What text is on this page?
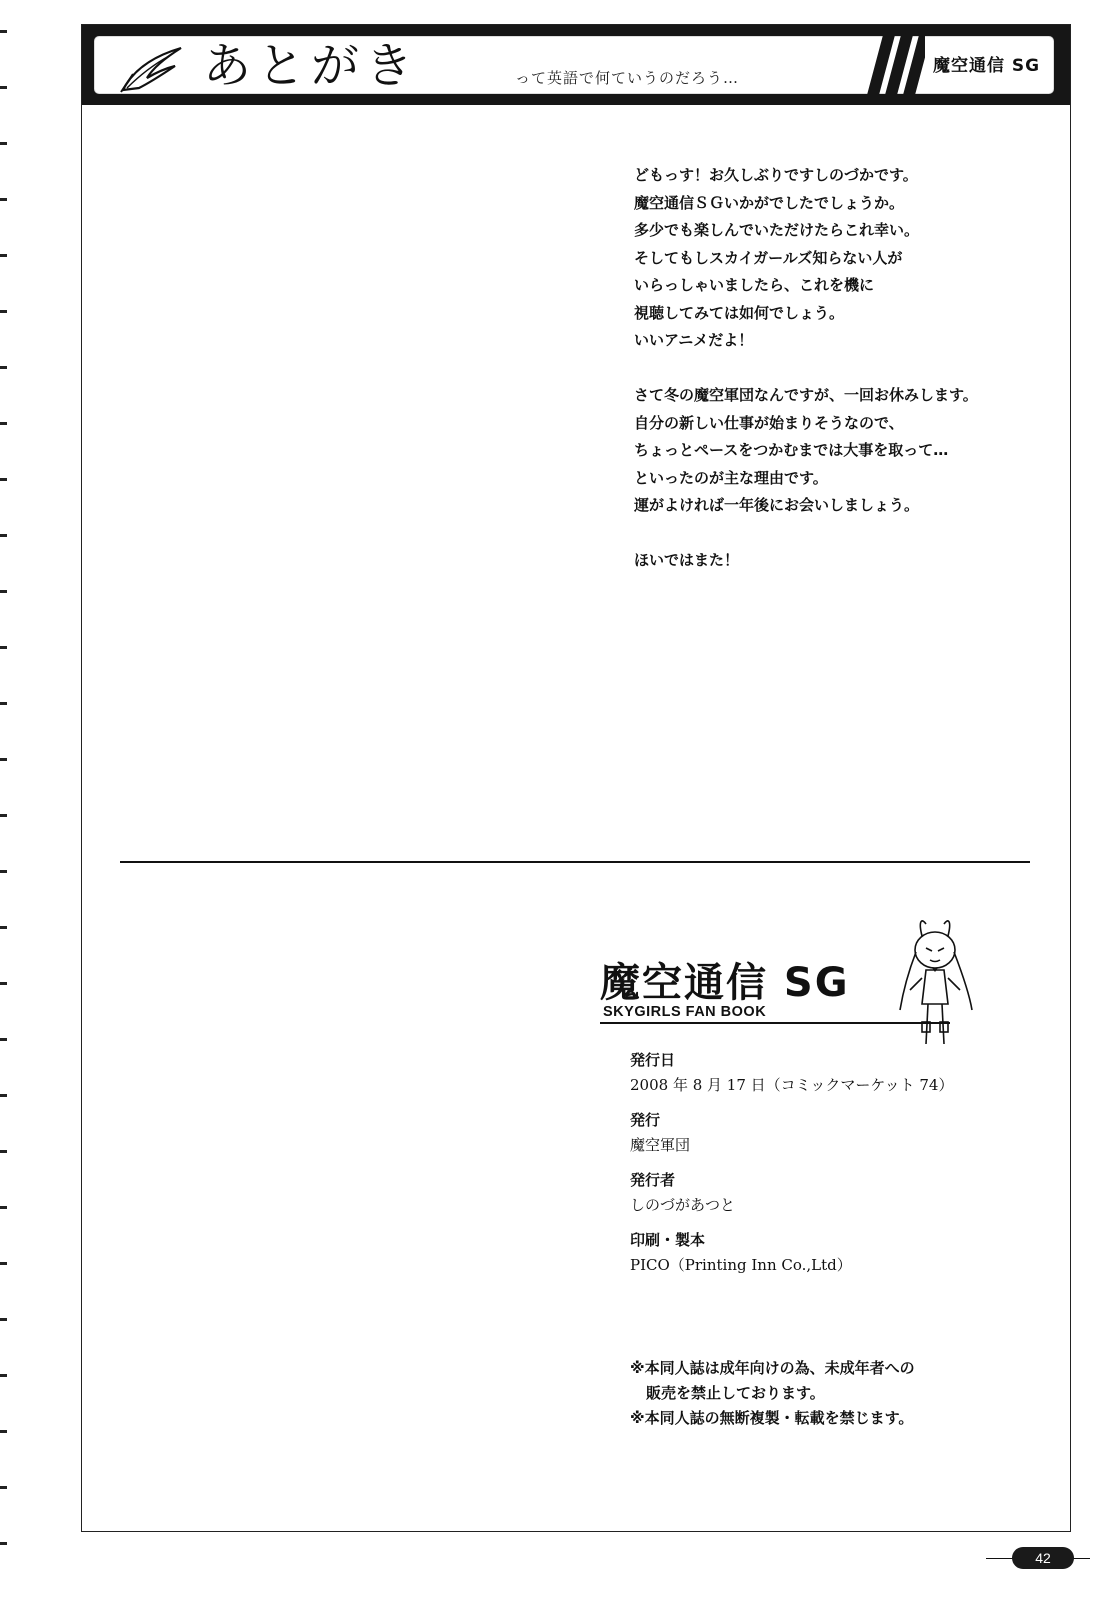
あとがき	って英語で何ていうのだろう…
魔空通信 SG

どもっす！お久しぶりですしのづかです。

魔空通信ＳＧいかがでしたでしょうか。

多少でも楽しんでいただけたらこれ幸い。

そしてもしスカイガールズ知らない人が

いらっしゃいましたら、これを機に

視聴してみては如何でしょう。

いいアニメだよ！

さて冬の魔空軍団なんですが、一回お休みします。

自分の新しい仕事が始まりそうなので、

ちょっとペースをつかむまでは大事を取って…

といったのが主な理由です。

運がよければ一年後にお会いしましょう。

ほいではまた！

魔空通信 SG
SKYGIRLS FAN BOOK
発行日
2008 年 8 月 17 日（コミックマーケット 74）
発行
魔空軍団
発行者
しのづがあつと
印刷・製本
PICO（Printing Inn Co.,Ltd）

※本同人誌は成年向けの為、未成年者への

販売を禁止しております。

※本同人誌の無断複製・転載を禁じます。

42
